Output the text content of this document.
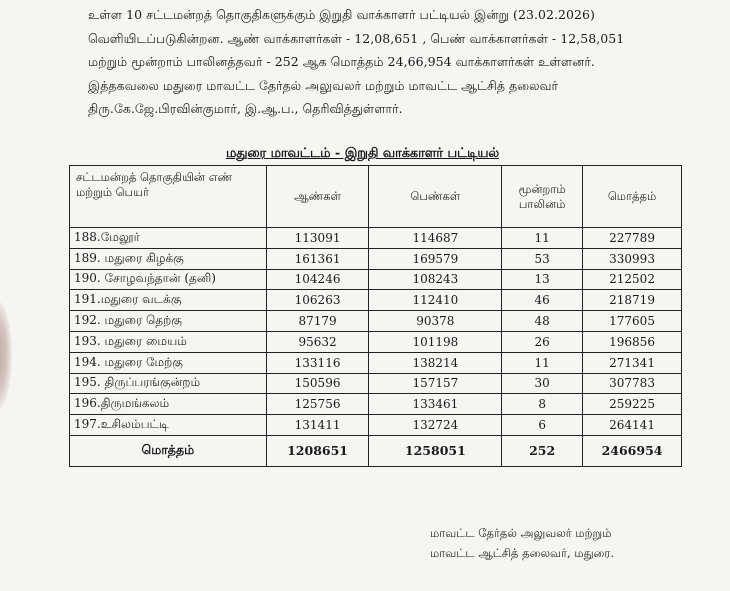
உள்ள 10 சட்டமன்றத் தொகுதிகளுக்கும் இறுதி வாக்காளர் பட்டியல் இன்று (23.02.2026)
வெளியிடப்படுகின்றன. ஆண் வாக்காளர்கள் - 12,08,651 , பெண் வாக்காளர்கள் - 12,58,051
மற்றும் மூன்றாம் பாலினத்தவர் - 252 ஆக மொத்தம் 24,66,954 வாக்காளர்கள் உள்ளனர்.
இத்தகவலை மதுரை மாவட்ட தேர்தல் அலுவலர் மற்றும் மாவட்ட ஆட்சித் தலைவர்
திரு.கே.ஜே.பிரவின்குமார், இ.ஆ.ப., தெரிவித்துள்ளார்.
மதுரை மாவட்டம் - இறுதி வாக்காளர் பட்டியல்
சட்டமன்றத் தொகுதியின் எண் மற்றும் பெயர்	ஆண்கள்	பெண்கள்	மூன்றாம் பாலினம்	மொத்தம்
188.மேலூர்	113091	114687	11	227789
189. மதுரை கிழக்கு	161361	169579	53	330993
190. சோழவந்தான் (தனி)	104246	108243	13	212502
191.மதுரை வடக்கு	106263	112410	46	218719
192. மதுரை தெற்கு	87179	90378	48	177605
193. மதுரை மையம்	95632	101198	26	196856
194. மதுரை மேற்கு	133116	138214	11	271341
195. திருப்பரங்குன்றம்	150596	157157	30	307783
196.திருமங்கலம்	125756	133461	8	259225
197.உசிலம்பட்டி	131411	132724	6	264141
மொத்தம்	1208651	1258051	252	2466954
மாவட்ட தேர்தல் அலுவலர் மற்றும்
மாவட்ட ஆட்சித் தலைவர், மதுரை.
